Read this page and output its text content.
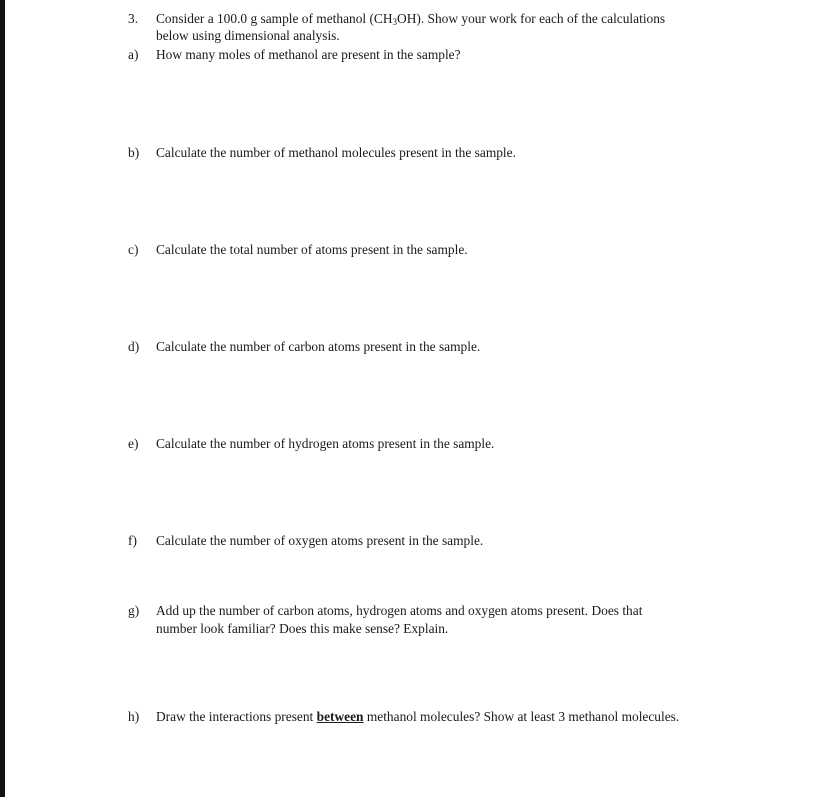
3. Consider a 100.0 g sample of methanol $(CH_3OH)$. Show your work for each of the calculations
below using dimensional analysis.
a) How many moles of methanol are present in the sample?
b) Calculate the number of methanol molecules present in the sample.
c) Calculate the total number of atoms present in the sample.
d) Calculate the number of carbon atoms present in the sample.
e) Calculate the number of hydrogen atoms present in the sample.
f) Calculate the number of oxygen atoms present in the sample.
g) Add up the number of carbon atoms, hydrogen atoms and oxygen atoms present. Does that
number look familiar? Does this make sense? Explain.
h) Draw the interactions present between methanol molecules? Show at least 3 methanol molecules.
